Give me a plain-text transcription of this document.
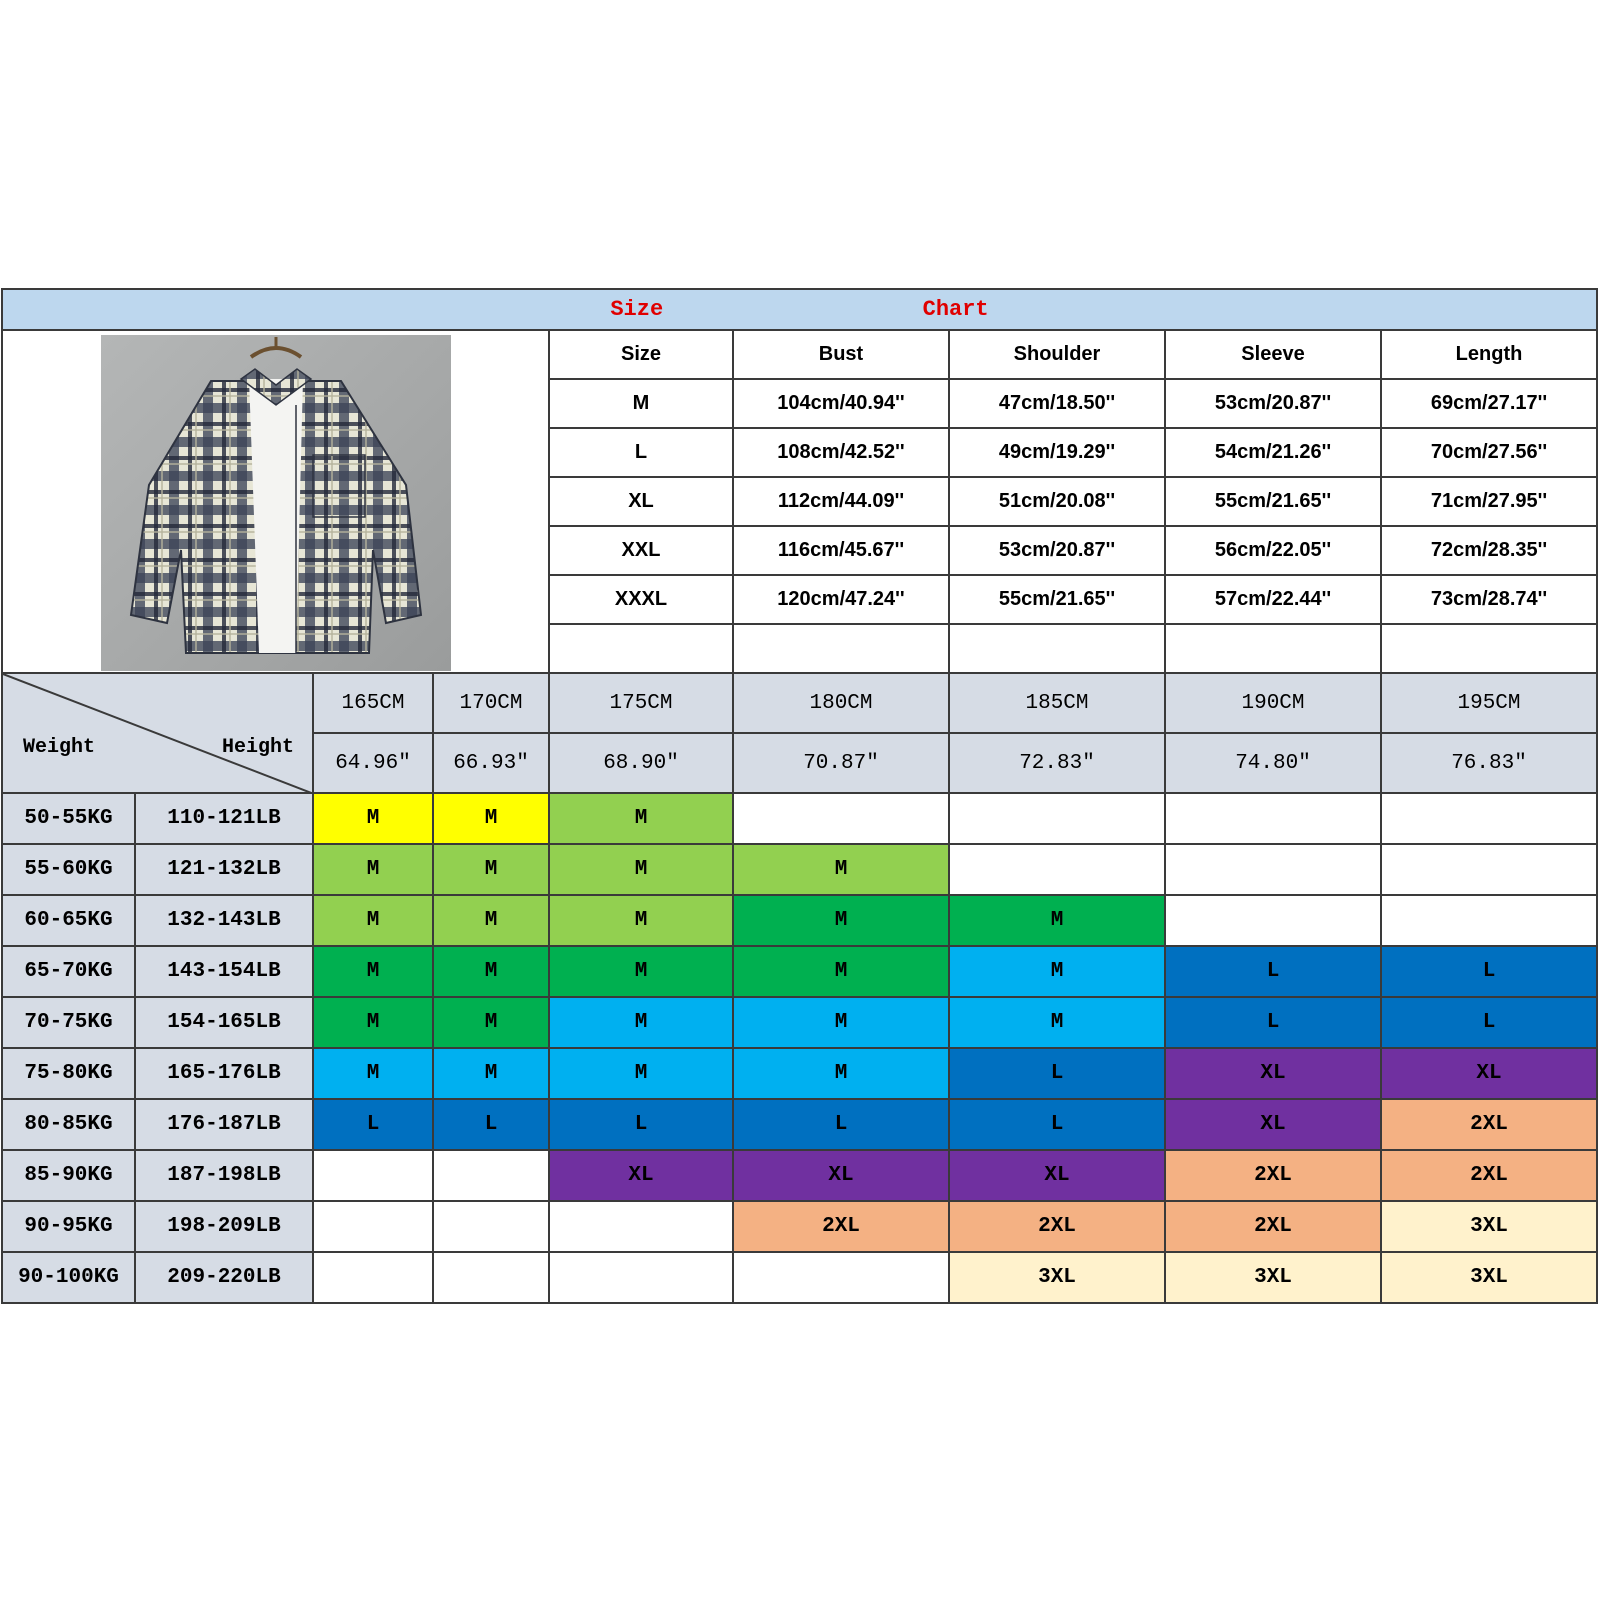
Size Chart								

	Size	Bust	Shoulder	Sleeve	Length
				M	104cm/40.94''	47cm/18.50''	53cm/20.87''	69cm/27.17''
				L	108cm/42.52''	49cm/19.29''	54cm/21.26''	70cm/27.56''
				XL	112cm/44.09''	51cm/20.08''	55cm/21.65''	71cm/27.95''
				XXL	116cm/45.67''	53cm/20.87''	56cm/22.05''	72cm/28.35''
				XXXL	120cm/47.24''	55cm/21.65''	57cm/22.44''	73cm/28.74''

Weight Height		165CM	170CM	175CM	180CM	185CM	190CM	195CM
		64.96″	66.93″	68.90″	70.87″	72.83″	74.80″	76.83″
50-55KG	110-121LB	M	M	M				
55-60KG	121-132LB	M	M	M	M			
60-65KG	132-143LB	M	M	M	M	M		
65-70KG	143-154LB	M	M	M	M	M	L	L
70-75KG	154-165LB	M	M	M	M	M	L	L
75-80KG	165-176LB	M	M	M	M	L	XL	XL
80-85KG	176-187LB	L	L	L	L	L	XL	2XL
85-90KG	187-198LB			XL	XL	XL	2XL	2XL
90-95KG	198-209LB				2XL	2XL	2XL	3XL
90-100KG	209-220LB					3XL	3XL	3XL
